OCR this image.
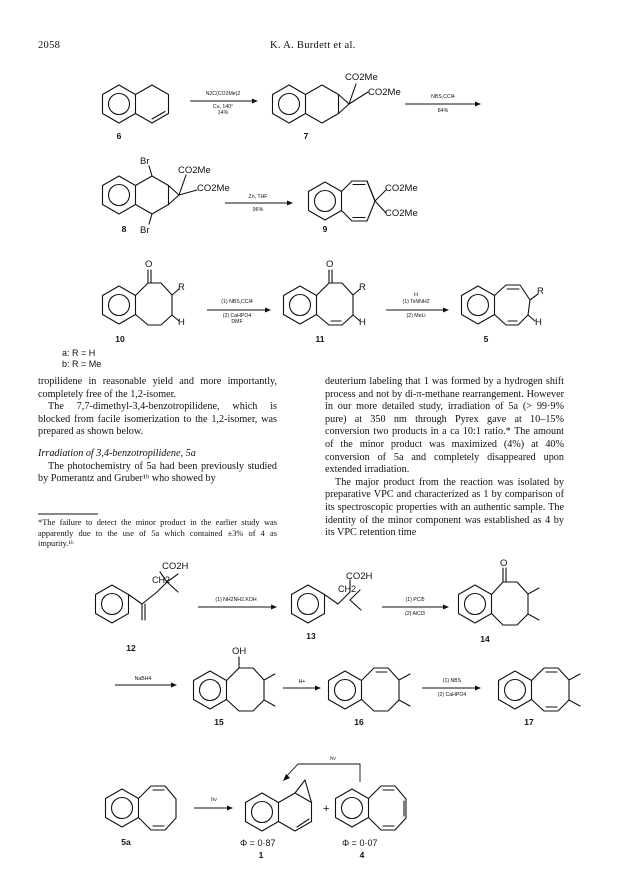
2058	K. A. Burdett et al.
6	7
8	9
N2C(CO2Me)2
Cu, 140°
14%
NBS,CCl4
84%
Zn, THF
96%
CO2Me
CO2Me
CO2Me
CO2Me
Br
Br
CO2Me
CO2Me
O
R
H
O
R
H
R
H
(1) NBS,CCl4
(2) CaHPO4
DMF
H
(1) TsNNH2
(2) MeLi
10	11	5
a: R = H
b: R = Me

tropilidene in reasonable yield and more importantly, completely free of the 1,2-isomer.

The 7,7-dimethyl-3,4-benzotropilidene, which is blocked from facile isomerization to the 1,2-isomer, was prepared as shown below.

Irradiation of 3,4-benzotropilidene, 5a

The photochemistry of 5a had been previously studied by Pomerantz and Gruber¹ᵇ who showed by

*The failure to detect the minor product in the earlier study was apparently due to the use of 5a which contained ±3% of 4 as impurity.¹ᵇ

deuterium labeling that 1 was formed by a hydrogen shift process and not by di-π-methane rearrangement. However in our more detailed study, irradiation of 5a (> 99·9% pure) at 350 nm through Pyrex gave at 10–15% conversion two products in a ca 10:1 ratio.* The amount of the minor product was maximized (4%) at 40% conversion of 5a and completely disappeared upon extended irradiation.

The major product from the reaction was isolated by preparative VPC and characterized as 1 by comparison of its spectroscopic properties with an authentic sample. The identity of the minor component was established as 4 by its VPC retention time

CO2H
CH2	CO2H
CH2
O
OH
(1) NH2NH2,KOH	(1) PCl5
(2) AlCl3
NaBH4	H+	(1) NBS
(2) CaHPO4
12
13	14
15	16	17
hν
hν
+
5a	Φ = 0·87
1
Φ = 0·07
4
